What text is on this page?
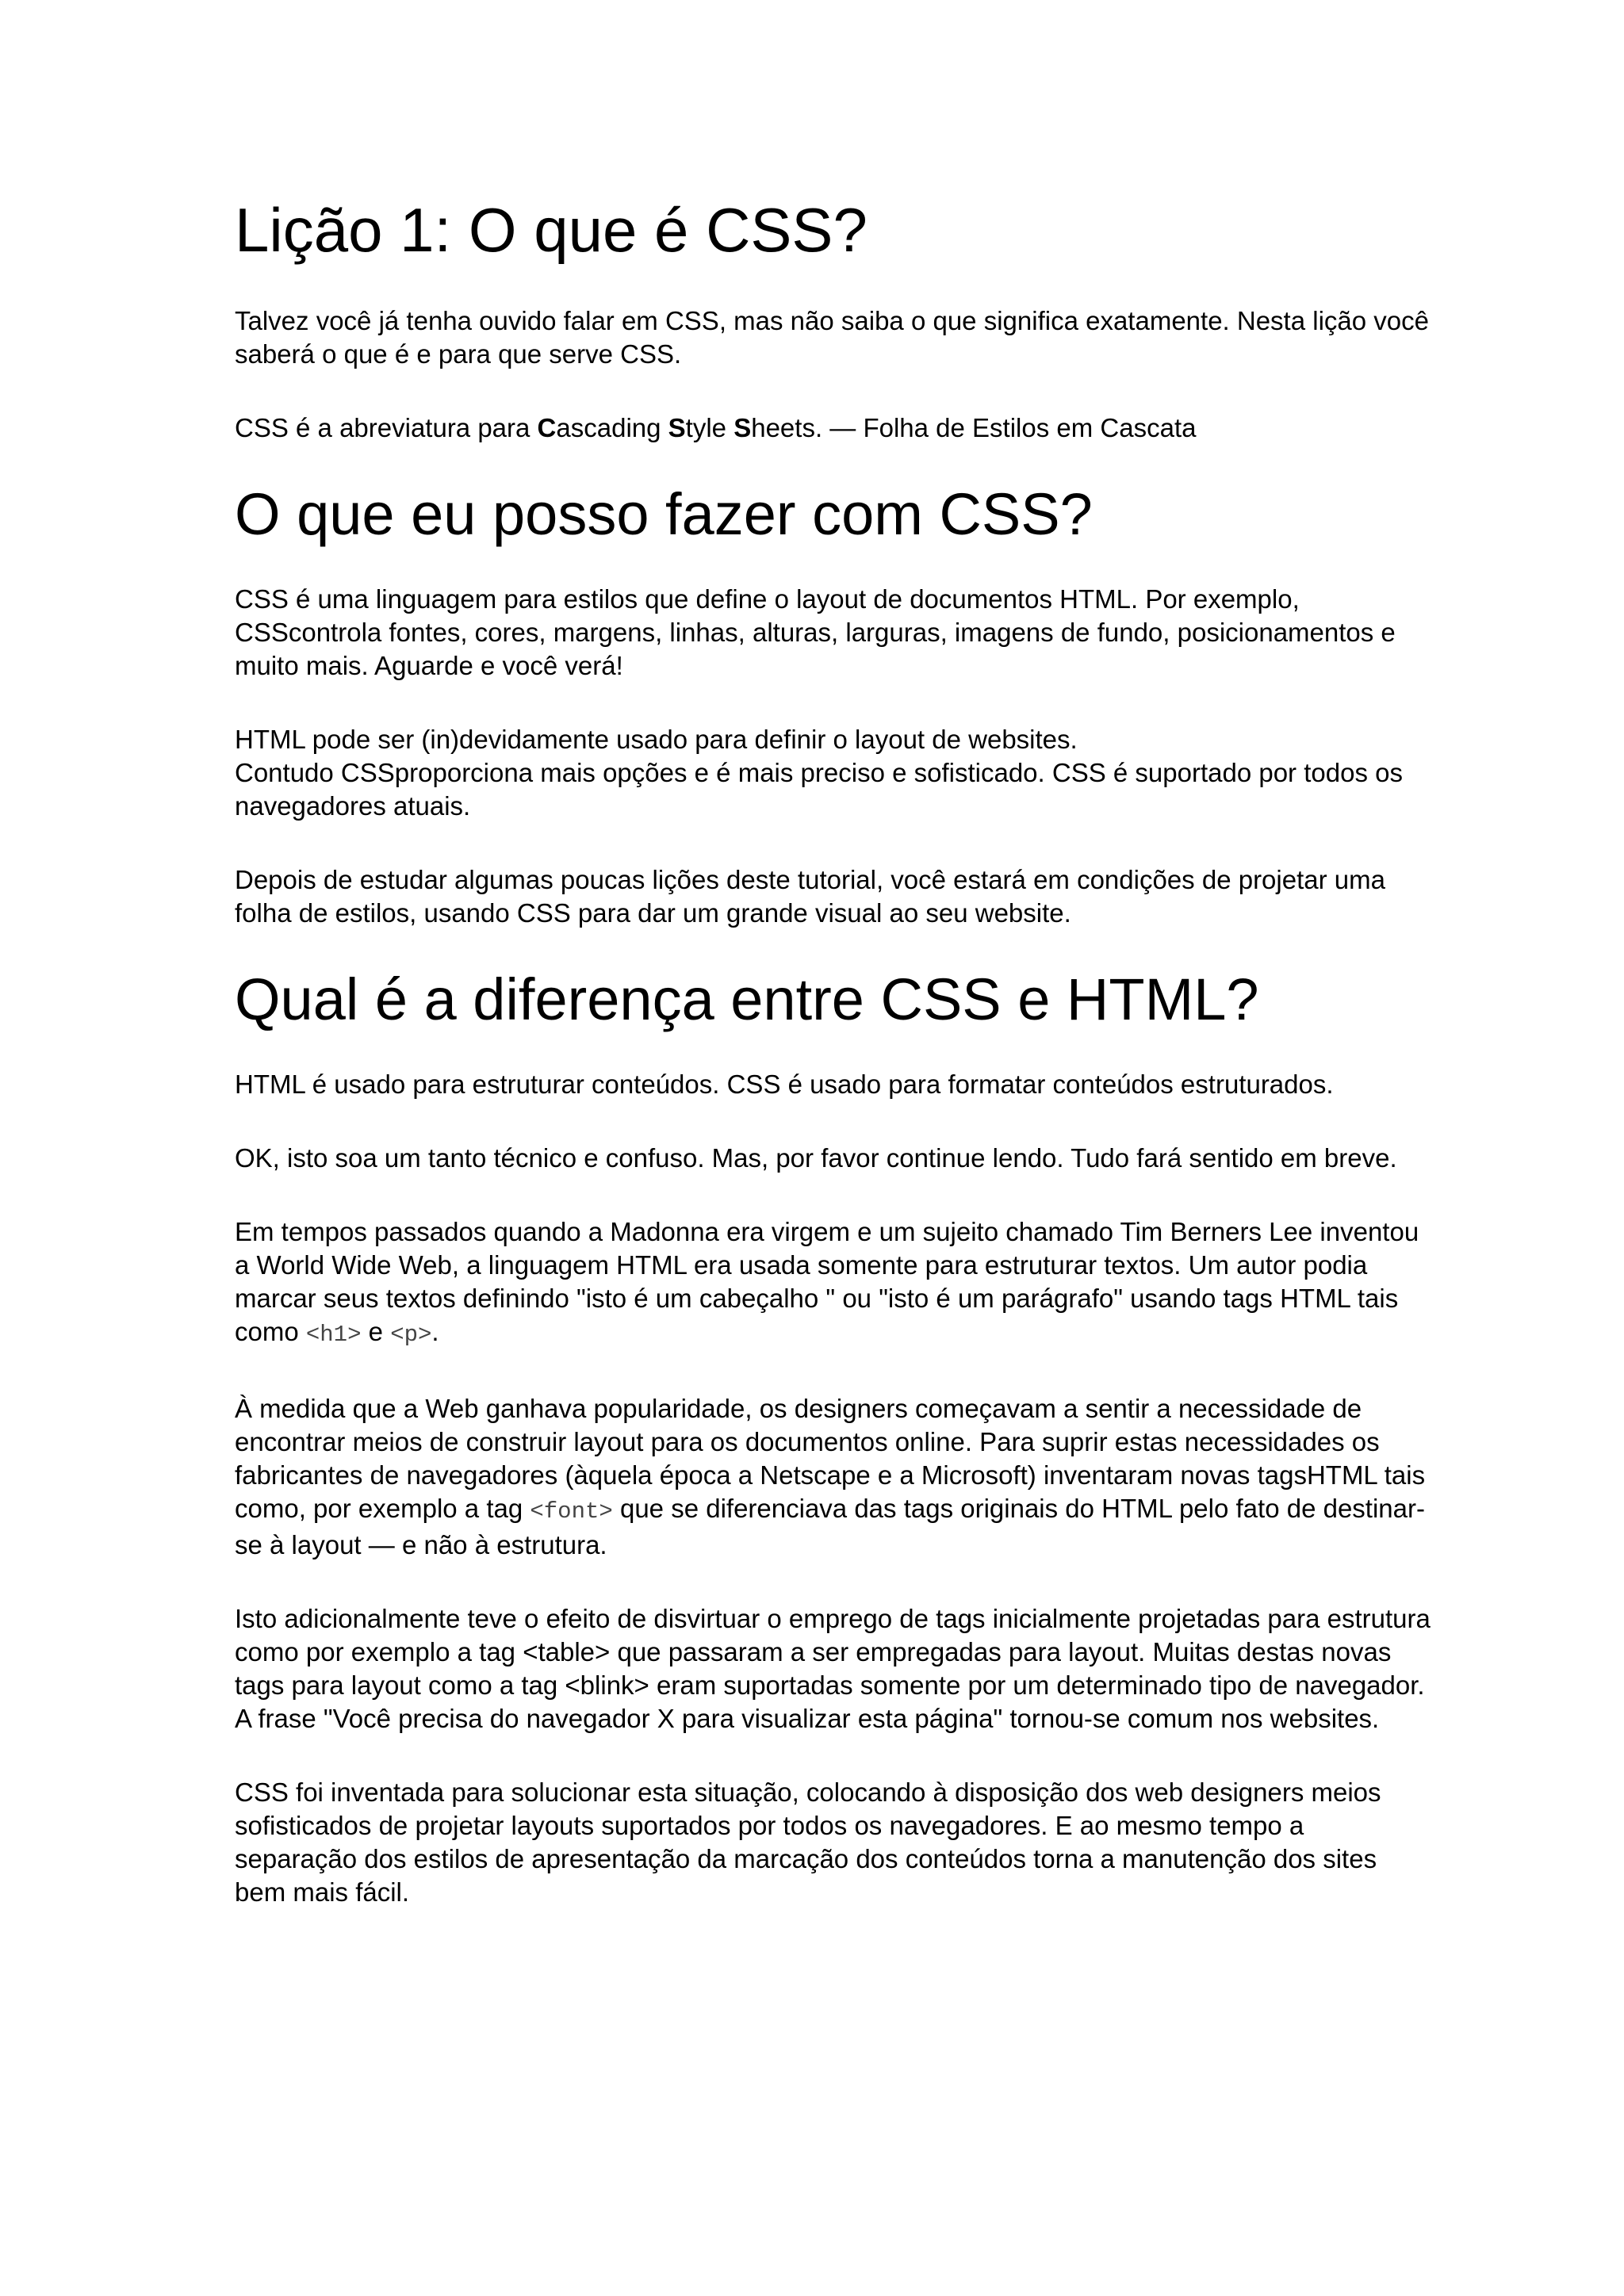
Lição 1: O que é CSS?

Talvez você já tenha ouvido falar em CSS, mas não saiba o que significa exatamente. Nesta lição você saberá o que é e para que serve CSS.

CSS é a abreviatura para Cascading Style Sheets. — Folha de Estilos em Cascata

O que eu posso fazer com CSS?

CSS é uma linguagem para estilos que define o layout de documentos HTML. Por exemplo, CSScontrola fontes, cores, margens, linhas, alturas, larguras, imagens de fundo, posicionamentos e muito mais. Aguarde e você verá!

HTML pode ser (in)devidamente usado para definir o layout de websites.
Contudo CSSproporciona mais opções e é mais preciso e sofisticado. CSS é suportado por todos os navegadores atuais.

Depois de estudar algumas poucas lições deste tutorial, você estará em condições de projetar uma folha de estilos, usando CSS para dar um grande visual ao seu website.

Qual é a diferença entre CSS e HTML?

HTML é usado para estruturar conteúdos. CSS é usado para formatar conteúdos estruturados.

OK, isto soa um tanto técnico e confuso. Mas, por favor continue lendo. Tudo fará sentido em breve.

Em tempos passados quando a Madonna era virgem e um sujeito chamado Tim Berners Lee inventou a World Wide Web, a linguagem HTML era usada somente para estruturar textos. Um autor podia marcar seus textos definindo "isto é um cabeçalho " ou "isto é um parágrafo" usando tags HTML tais como <h1> e <p>.

À medida que a Web ganhava popularidade, os designers começavam a sentir a necessidade de encontrar meios de construir layout para os documentos online. Para suprir estas necessidades os fabricantes de navegadores (àquela época a Netscape e a Microsoft) inventaram novas tagsHTML tais como, por exemplo a tag <font> que se diferenciava das tags originais do HTML pelo fato de destinar-se à layout — e não à estrutura.

Isto adicionalmente teve o efeito de disvirtuar o emprego de tags inicialmente projetadas para estrutura como por exemplo a tag <table> que passaram a ser empregadas para layout. Muitas destas novas tags para layout como a tag <blink> eram suportadas somente por um determinado tipo de navegador. A frase "Você precisa do navegador X para visualizar esta página" tornou-se comum nos websites.

CSS foi inventada para solucionar esta situação, colocando à disposição dos web designers meios sofisticados de projetar layouts suportados por todos os navegadores. E ao mesmo tempo a separação dos estilos de apresentação da marcação dos conteúdos torna a manutenção dos sites bem mais fácil.
